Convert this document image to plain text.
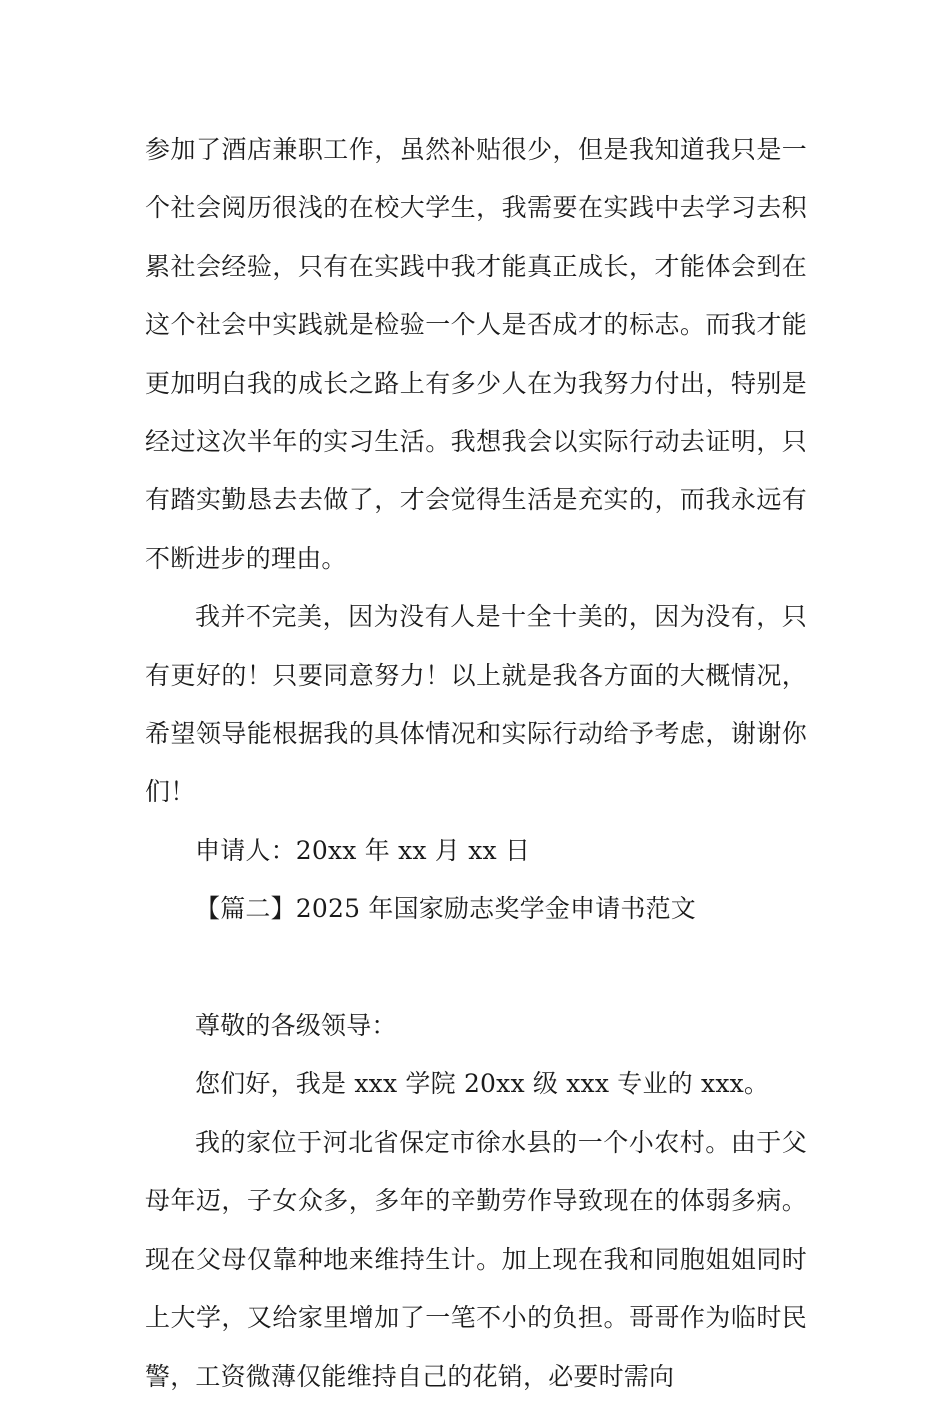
参加了酒店兼职工作，虽然补贴很少，但是我知道我只是一个社会阅历很浅的在校大学生，我需要在实践中去学习去积累社会经验，只有在实践中我才能真正成长，才能体会到在这个社会中实践就是检验一个人是否成才的标志。而我才能更加明白我的成长之路上有多少人在为我努力付出，特别是经过这次半年的实习生活。我想我会以实际行动去证明，只有踏实勤恳去去做了，才会觉得生活是充实的，而我永远有不断进步的理由。

我并不完美，因为没有人是十全十美的，因为没有，只有更好的！只要同意努力！以上就是我各方面的大概情况，希望领导能根据我的具体情况和实际行动给予考虑，谢谢你们！

申请人：20xx 年 xx 月 xx 日

【篇二】2025 年国家励志奖学金申请书范文

尊敬的各级领导：

您们好，我是 xxx 学院 20xx 级 xxx 专业的 xxx。

我的家位于河北省保定市徐水县的一个小农村。由于父母年迈，子女众多，多年的辛勤劳作导致现在的体弱多病。现在父母仅靠种地来维持生计。加上现在我和同胞姐姐同时上大学，又给家里增加了一笔不小的负担。哥哥作为临时民警，工资微薄仅能维持自己的花销，必要时需向
